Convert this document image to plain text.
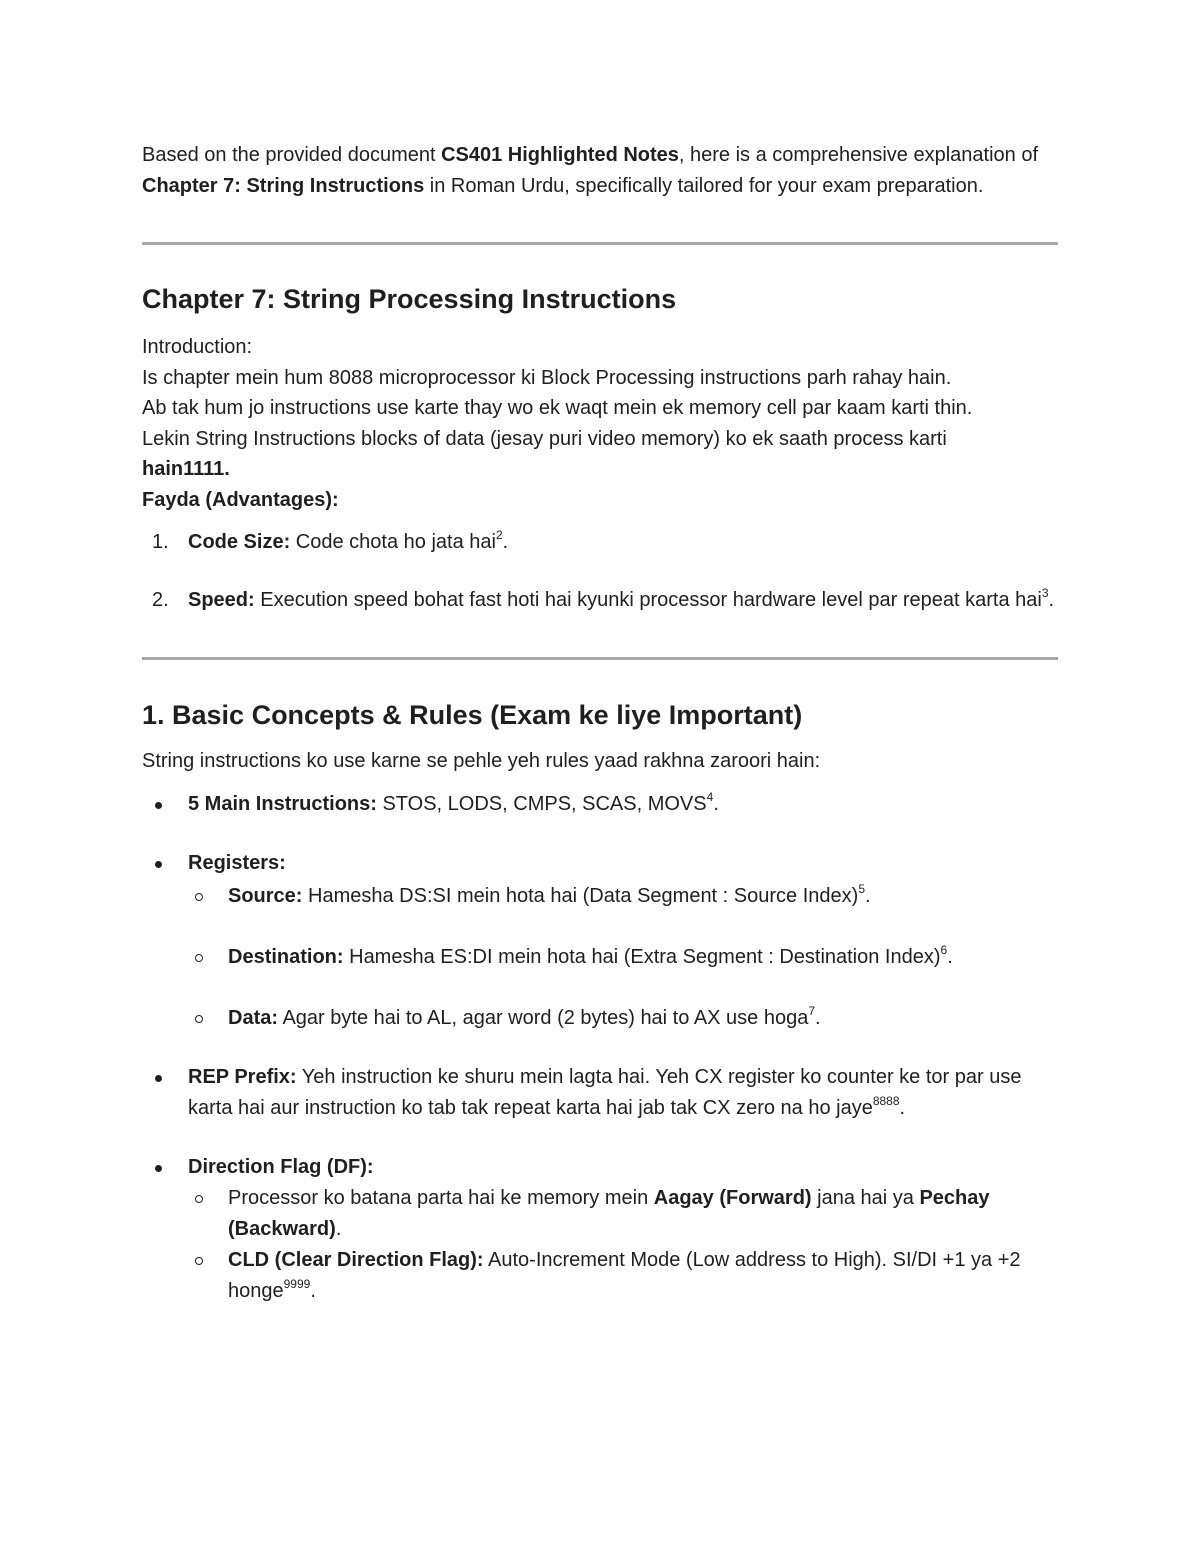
Based on the provided document CS401 Highlighted Notes, here is a comprehensive explanation of Chapter 7: String Instructions in Roman Urdu, specifically tailored for your exam preparation.

Chapter 7: String Processing Instructions

Introduction:

Is chapter mein hum 8088 microprocessor ki Block Processing instructions parh rahay hain.

Ab tak hum jo instructions use karte thay wo ek waqt mein ek memory cell par kaam karti thin.

Lekin String Instructions blocks of data (jesay puri video memory) ko ek saath process karti

hain1111.

Fayda (Advantages):

1. Code Size: Code chota ho jata hai$^2$.
2. Speed: Execution speed bohat fast hoti hai kyunki processor hardware level par repeat karta hai$^3$.
1. Basic Concepts & Rules (Exam ke liye Important)

String instructions ko use karne se pehle yeh rules yaad rakhna zaroori hain:

5 Main Instructions: STOS, LODS, CMPS, SCAS, MOVS$^4$.
Registers:
Source: Hamesha DS:SI mein hota hai (Data Segment : Source Index)$^5$.
Destination: Hamesha ES:DI mein hota hai (Extra Segment : Destination Index)$^6$.
Data: Agar byte hai to AL, agar word (2 bytes) hai to AX use hoga$^7$.
REP Prefix: Yeh instruction ke shuru mein lagta hai. Yeh CX register ko counter ke tor par use karta hai aur instruction ko tab tak repeat karta hai jab tak CX zero na ho jaye$^{8888}$.
Direction Flag (DF):
Processor ko batana parta hai ke memory mein Aagay (Forward) jana hai ya Pechay (Backward).
CLD (Clear Direction Flag): Auto-Increment Mode (Low address to High). SI/DI +1 ya +2 honge$^{9999}$.
